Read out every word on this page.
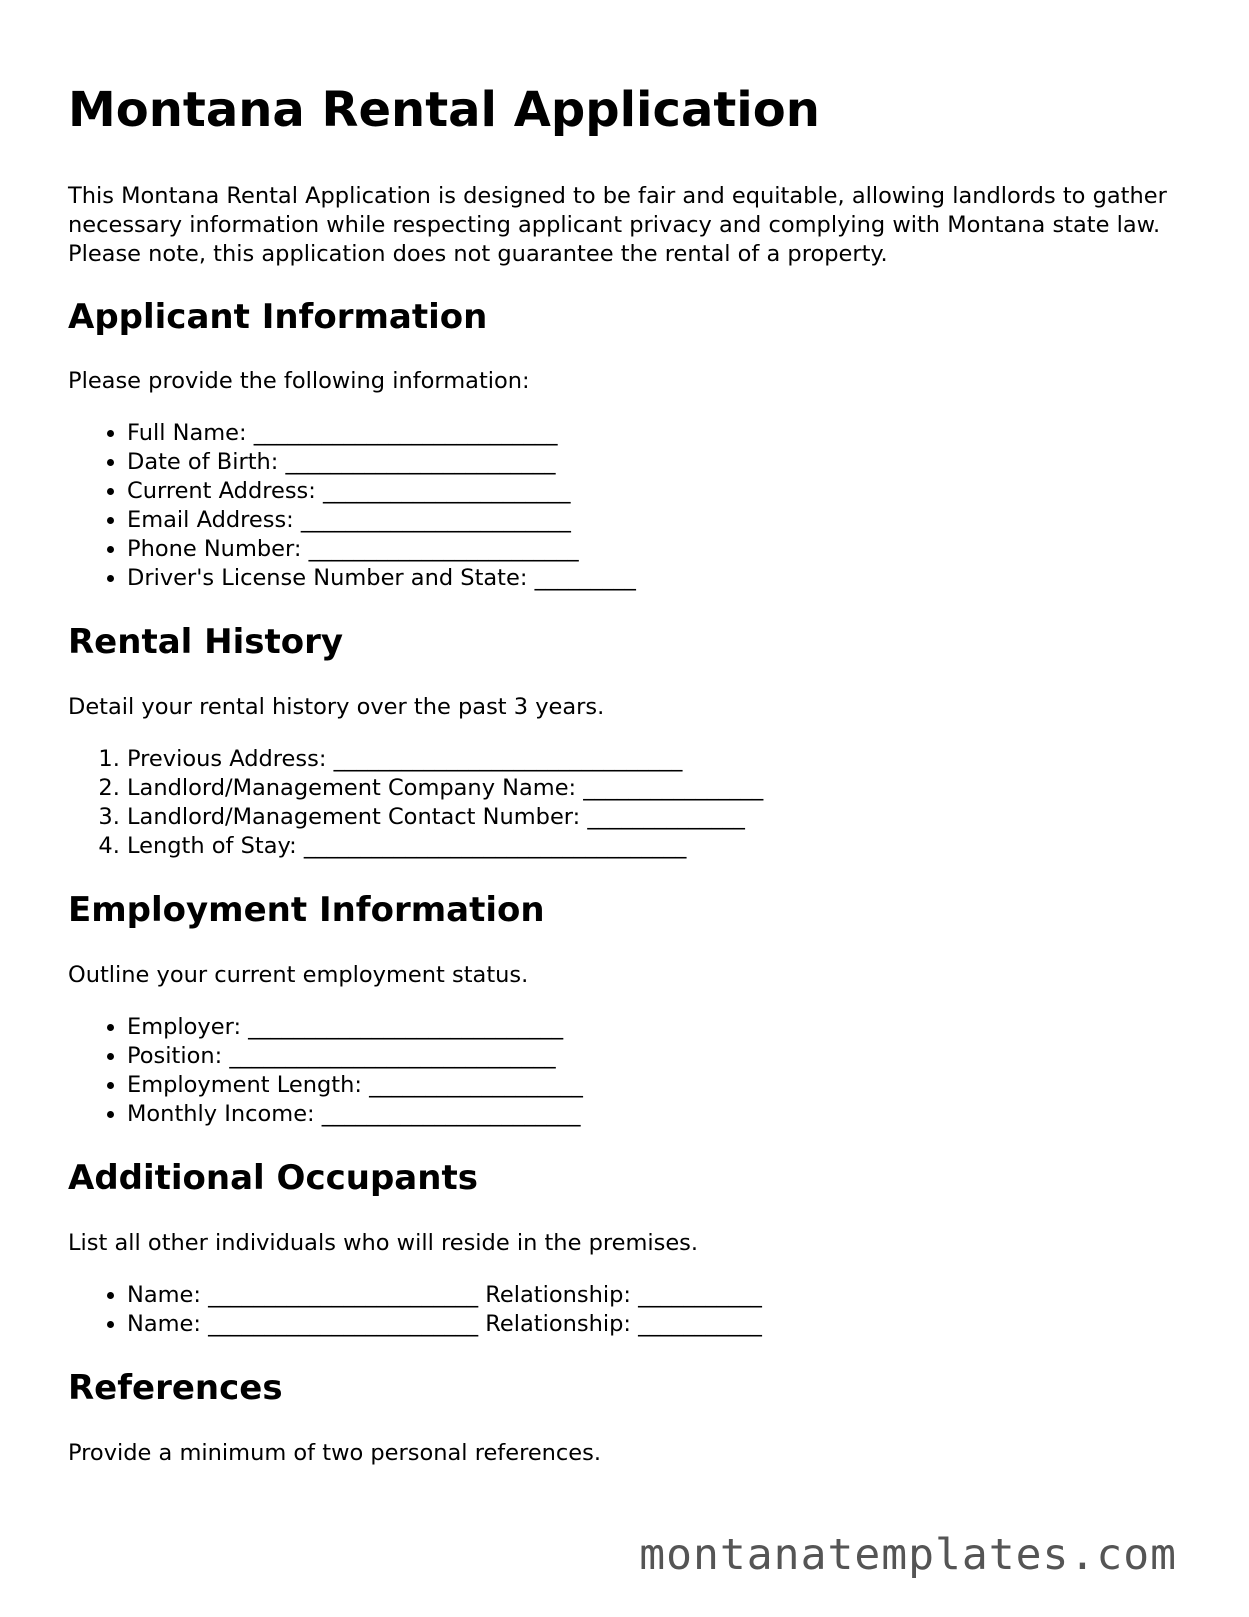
Montana Rental Application

This Montana Rental Application is designed to be fair and equitable, allowing landlords to gather necessary information while respecting applicant privacy and complying with Montana state law. Please note, this application does not guarantee the rental of a property.

Applicant Information

Please provide the following information:

• Full Name: ___________________________
• Date of Birth: ________________________
• Current Address: ______________________
• Email Address: ________________________
• Phone Number: ________________________
• Driver's License Number and State: _________
Rental History

Detail your rental history over the past 3 years.

1. Previous Address: _______________________________
2. Landlord/Management Company Name: ________________
3. Landlord/Management Contact Number: ______________
4. Length of Stay: __________________________________
Employment Information

Outline your current employment status.

• Employer: ____________________________
• Position: _____________________________
• Employment Length: ___________________
• Monthly Income: _______________________
Additional Occupants

List all other individuals who will reside in the premises.

• Name: ________________________ Relationship: ___________
• Name: ________________________ Relationship: ___________
References

Provide a minimum of two personal references.

montanatemplates.com
